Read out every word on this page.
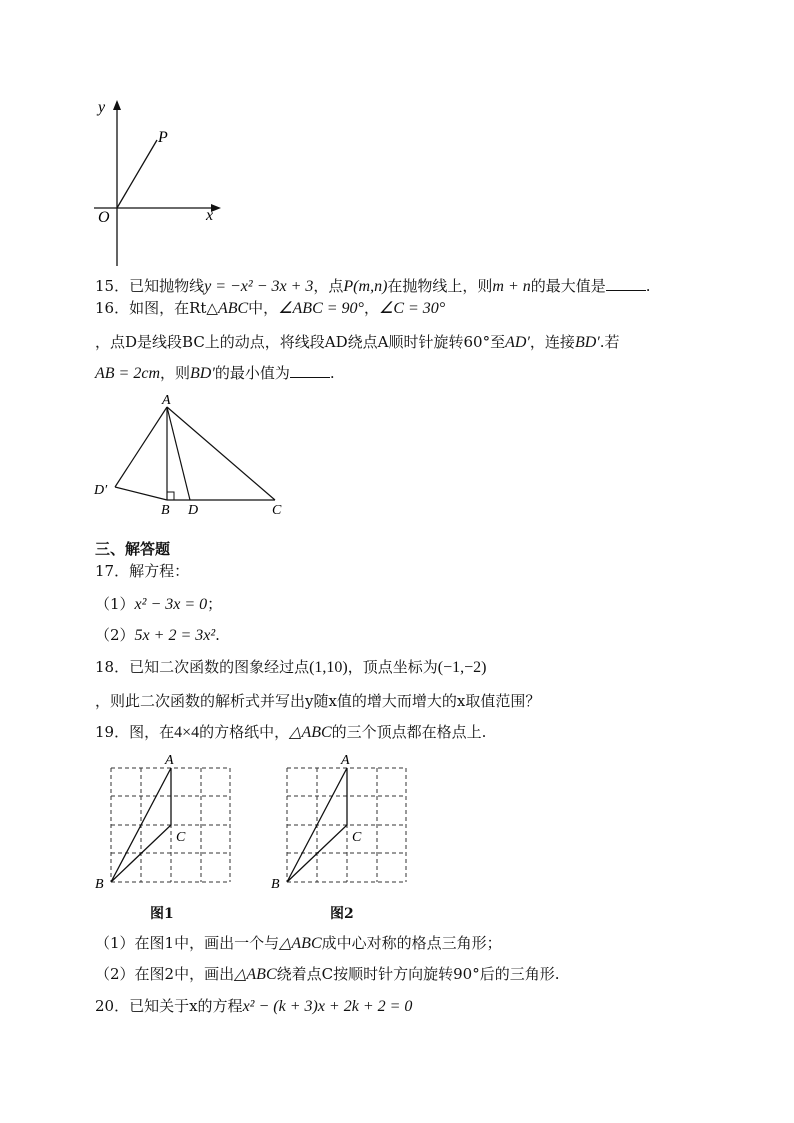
y
x
O
P
15．已知抛物线y = −x² − 3x + 3，点P(m,n)在抛物线上，则m + n的最大值是	.
16．如图，在Rt△ABC中，∠ABC = 90°，∠C = 30°
，点D是线段BC上的动点，将线段AD绕点A顺时针旋转60°至AD′，连接BD′.若
AB = 2cm，则BD′的最小值为	.
A
B D	C
D′
三、解答题
17．解方程：
（1）x² − 3x = 0；
（2）5x + 2 = 3x².
18．已知二次函数的图象经过点(1,10)，顶点坐标为(−1,−2)
，则此二次函数的解析式并写出y随x值的增大而增大的x取值范围？
19．图，在4×4的方格纸中，△ABC的三个顶点都在格点上.
A
B
C
图1
A
B
C
图2
（1）在图1中，画出一个与△ABC成中心对称的格点三角形；
（2）在图2中，画出△ABC绕着点C按顺时针方向旋转90°后的三角形.
20．已知关于x的方程x² − (k + 3)x + 2k + 2 = 0
